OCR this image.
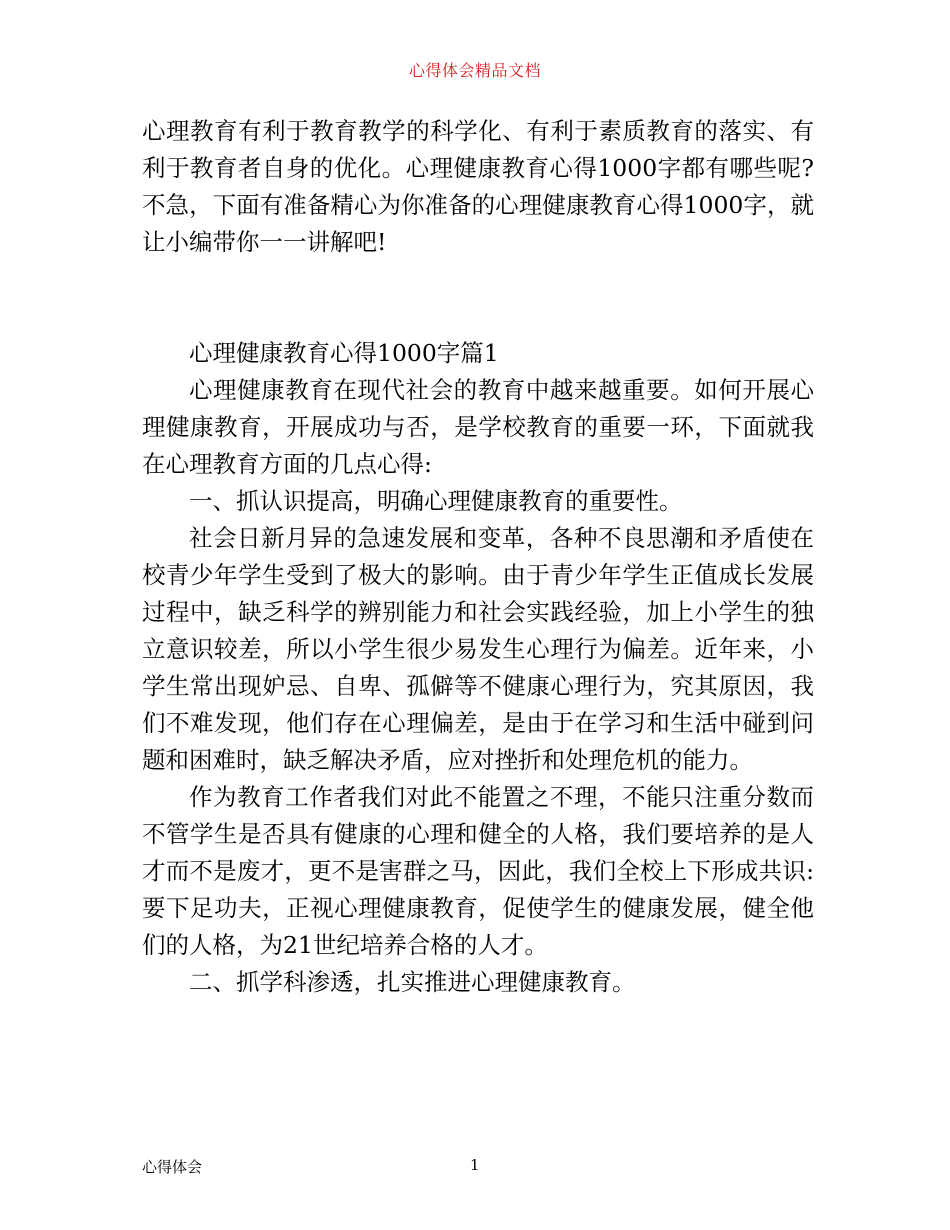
心得体会精品文档

心理教育有利于教育教学的科学化、有利于素质教育的落实、有利于教育者自身的优化。心理健康教育心得1000字都有哪些呢?不急，下面有准备精心为你准备的心理健康教育心得1000字，就让小编带你一一讲解吧!

心理健康教育心得1000字篇1

心理健康教育在现代社会的教育中越来越重要。如何开展心理健康教育，开展成功与否，是学校教育的重要一环，下面就我在心理教育方面的几点心得:

一、抓认识提高，明确心理健康教育的重要性。

社会日新月异的急速发展和变革，各种不良思潮和矛盾使在校青少年学生受到了极大的影响。由于青少年学生正值成长发展过程中，缺乏科学的辨别能力和社会实践经验，加上小学生的独立意识较差，所以小学生很少易发生心理行为偏差。近年来，小学生常出现妒忌、自卑、孤僻等不健康心理行为，究其原因，我们不难发现，他们存在心理偏差，是由于在学习和生活中碰到问题和困难时，缺乏解决矛盾，应对挫折和处理危机的能力。

作为教育工作者我们对此不能置之不理，不能只注重分数而不管学生是否具有健康的心理和健全的人格，我们要培养的是人才而不是废才，更不是害群之马，因此，我们全校上下形成共识:要下足功夫，正视心理健康教育，促使学生的健康发展，健全他们的人格，为21世纪培养合格的人才。

二、抓学科渗透，扎实推进心理健康教育。

心得体会	1
